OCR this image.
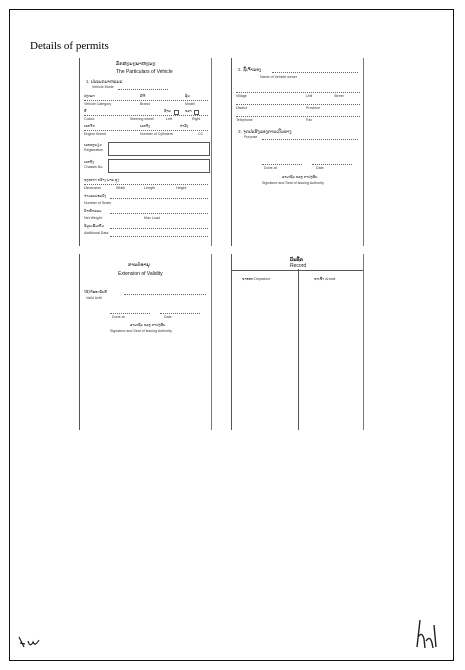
Details of permits
ລັກສະນະພາຫະນະ
The Particulars of Vehicle
1. ປະເພດພາຫະນະ
Vehicle Mode
ປະເພດ	ຍີ່ຫໍ້	ລຸ້ນ
Vehicle Category	Brand	Model
ສີ	ຊ້າຍ	ຂວາ
Colour	Steering wheel	Left	Right
ເລກຈັກ	ເລກຖັງ	ກຳລັງ
Engine Brand	Number of Cylinders	CC
ເລກທະບຽນ
Registration
ເລກຖັງ
Chassis No.
ຂະໜາດ ກວ້າງ ຍາວ ສູງ
Dimension	Width	Length	Height
ຈຳນວນບ່ອນນັ່ງ
Number of Seats
ນ້ຳໜັກລວມ
Net Weight	Max Load
ຂໍ້ມູນເພີ່ມເຕີມ
Additional Data
2. ຊື່ເຈົ້າຂອງ
Name of Vehicle owner
Village	Unit	Street
District	Province
Telephone	Fax
3. ຈຸດປະສົງຂອງການເດີນທາງ
Purpose
Done at	Date
ລາຍເຊັນ ແລະ ກາປະທັບ
Signature and Seal of Issuing Authority
ການຕໍ່ອາຍຸ
Extension of Validity
ໃຊ້ໄດ້ຮອດວັນທີ
Valid Until
Done at	Date
ລາຍເຊັນ ແລະ ກາປະທັບ
Signature and Seal of Issuing Authority
ບັນທຶກ
Record
ຂາອອກ Departure	ຂາເຂົ້າ Arrival
